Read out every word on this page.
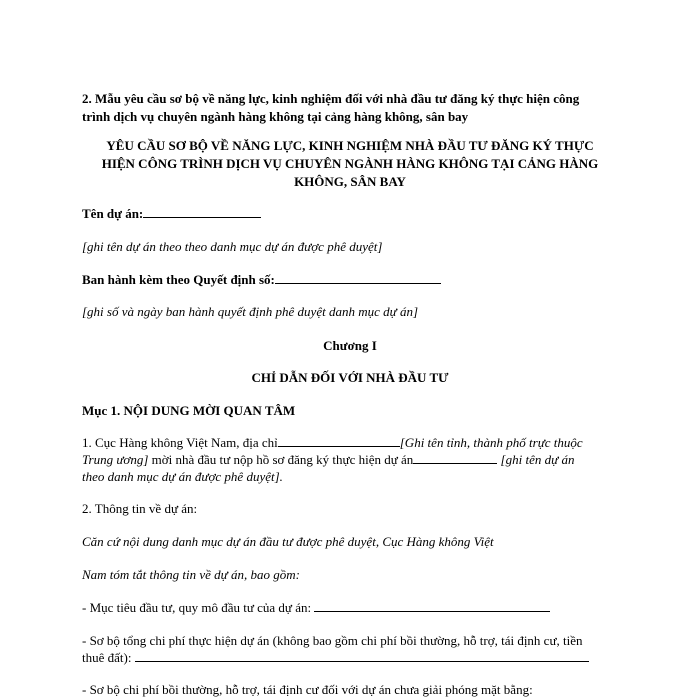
2. Mẫu yêu cầu sơ bộ về năng lực, kinh nghiệm đối với nhà đầu tư đăng ký thực hiện công
trình dịch vụ chuyên ngành hàng không tại cảng hàng không, sân bay
YÊU CẦU SƠ BỘ VỀ NĂNG LỰC, KINH NGHIỆM NHÀ ĐẦU TƯ ĐĂNG KÝ THỰC
HIỆN CÔNG TRÌNH DỊCH VỤ CHUYÊN NGÀNH HÀNG KHÔNG TẠI CẢNG HÀNG
KHÔNG, SÂN BAY
Tên dự án:
[ghi tên dự án theo theo danh mục dự án được phê duyệt]
Ban hành kèm theo Quyết định số:
[ghi số và ngày ban hành quyết định phê duyệt danh mục dự án]
Chương I
CHỈ DẪN ĐỐI VỚI NHÀ ĐẦU TƯ
Mục 1. NỘI DUNG MỜI QUAN TÂM
1. Cục Hàng không Việt Nam, địa chỉ	[Ghi tên tỉnh, thành phố trực thuộc
Trung ương] mời nhà đầu tư nộp hồ sơ đăng ký thực hiện dự án	[ghi tên dự án
theo danh mục dự án được phê duyệt].
2. Thông tin về dự án:
Căn cứ nội dung danh mục dự án đầu tư được phê duyệt, Cục Hàng không Việt
Nam tóm tắt thông tin về dự án, bao gồm:
- Mục tiêu đầu tư, quy mô đầu tư của dự án:
- Sơ bộ tổng chi phí thực hiện dự án (không bao gồm chi phí bồi thường, hỗ trợ, tái định cư, tiền
thuê đất):
- Sơ bộ chi phí bồi thường, hỗ trợ, tái định cư đối với dự án chưa giải phóng mặt bằng:
